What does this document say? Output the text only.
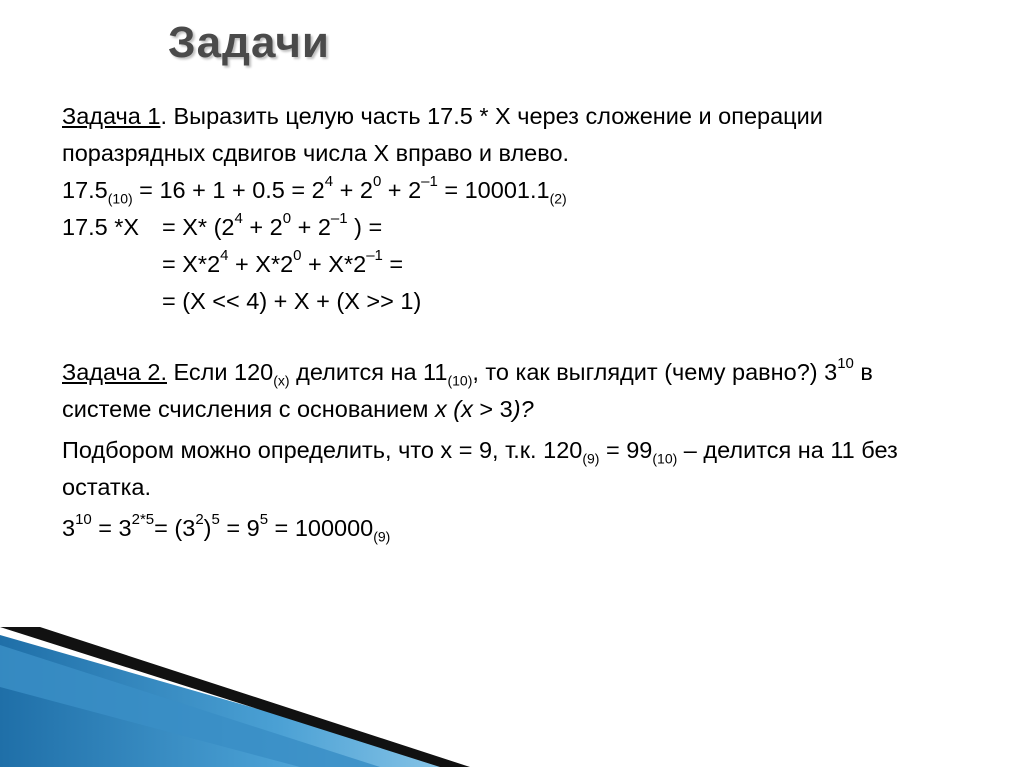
Задачи
Задача 1. Выразить целую часть 17.5 * X через сложение и операции
поразрядных сдвигов числа X вправо и влево.
$17.5_{(10)} = 16 + 1 + 0.5 = 2^4 + 2^0 + 2^{-1} = 10001.1_{(2)}$
17.5 *X = X* ($2^4 + 2^0 + 2^{-1}$ ) =
= $X*2^4 + X*2^0 + X*2^{-1}$ =
= (X << 4) + X + (X >> 1)
Задача 2. Если $120_{(x)}$ делится на $11_{(10)}$, то как выглядит (чему равно?) $3^{10}$ в
системе счисления с основанием x (x > 3)?
Подбором можно определить, что x = 9, т.к. $120_{(9)} = 99_{(10)}$ – делится на 11 без
остатка.
$3^{10} = 3^{2*5}= (3^2)^5 = 9^5 = 100000_{(9)}$
